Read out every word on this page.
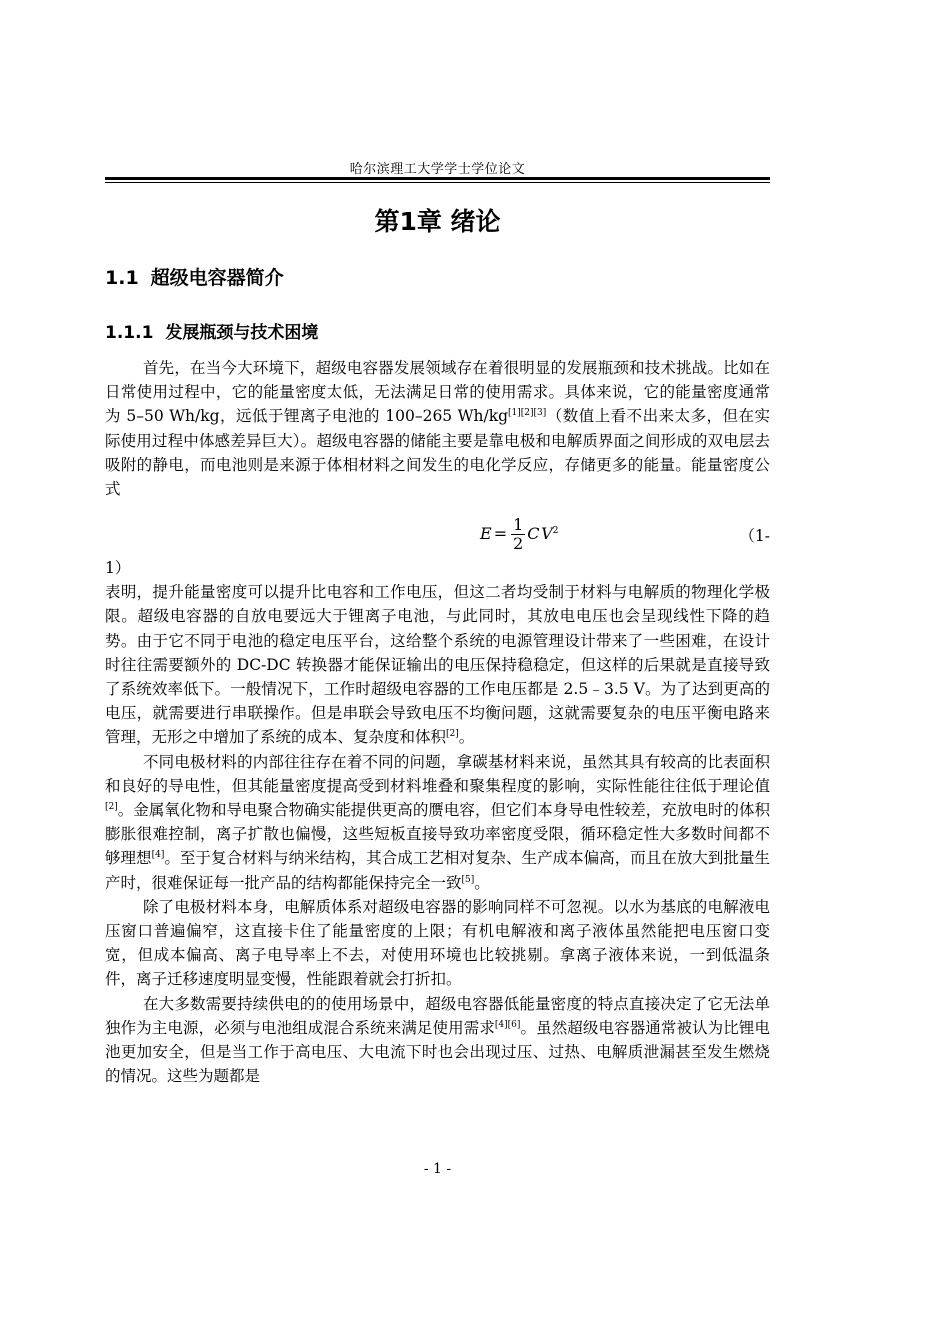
哈尔滨理工大学学士学位论文
第1章 绪论
1.1 超级电容器简介
1.1.1 发展瓶颈与技术困境

首先，在当今大环境下，超级电容器发展领域存在着很明显的发展瓶颈和技术挑战。比如在日常使用过程中，它的能量密度太低，无法满足日常的使用需求。具体来说，它的能量密度通常为 5–50 Wh/kg，远低于锂离子电池的 100–265 Wh/kg[1][2][3]（数值上看不出来太多，但在实际使用过程中体感差异巨大）。超级电容器的储能主要是靠电极和电解质界面之间形成的双电层去吸附的静电，而电池则是来源于体相材料之间发生的电化学反应，存储更多的能量。能量密度公式

$E = \frac{1}{2}$ C $V^2$	（1-

1）

表明，提升能量密度可以提升比电容和工作电压，但这二者均受制于材料与电解质的物理化学极限。超级电容器的自放电要远大于锂离子电池，与此同时，其放电电压也会呈现线性下降的趋势。由于它不同于电池的稳定电压平台，这给整个系统的电源管理设计带来了一些困难，在设计时往往需要额外的 DC-DC 转换器才能保证输出的电压保持稳稳定，但这样的后果就是直接导致了系统效率低下。一般情况下，工作时超级电容器的工作电压都是 2.5﹣3.5 V。为了达到更高的电压，就需要进行串联操作。但是串联会导致电压不均衡问题，这就需要复杂的电压平衡电路来管理，无形之中增加了系统的成本、复杂度和体积[2]。

不同电极材料的内部往往存在着不同的问题，拿碳基材料来说，虽然其具有较高的比表面积和良好的导电性，但其能量密度提高受到材料堆叠和聚集程度的影响，实际性能往往低于理论值[2]。金属氧化物和导电聚合物确实能提供更高的赝电容，但它们本身导电性较差，充放电时的体积膨胀很难控制，离子扩散也偏慢，这些短板直接导致功率密度受限，循环稳定性大多数时间都不够理想[4]。至于复合材料与纳米结构，其合成工艺相对复杂、生产成本偏高，而且在放大到批量生产时，很难保证每一批产品的结构都能保持完全一致[5]。

除了电极材料本身，电解质体系对超级电容器的影响同样不可忽视。以水为基底的电解液电压窗口普遍偏窄，这直接卡住了能量密度的上限；有机电解液和离子液体虽然能把电压窗口变宽，但成本偏高、离子电导率上不去，对使用环境也比较挑剔。拿离子液体来说，一到低温条件，离子迁移速度明显变慢，性能跟着就会打折扣。

在大多数需要持续供电的的使用场景中，超级电容器低能量密度的特点直接决定了它无法单独作为主电源，必须与电池组成混合系统来满足使用需求[4][6]。虽然超级电容器通常被认为比锂电池更加安全，但是当工作于高电压、大电流下时也会出现过压、过热、电解质泄漏甚至发生燃烧的情况。这些为题都是

- 1 -
